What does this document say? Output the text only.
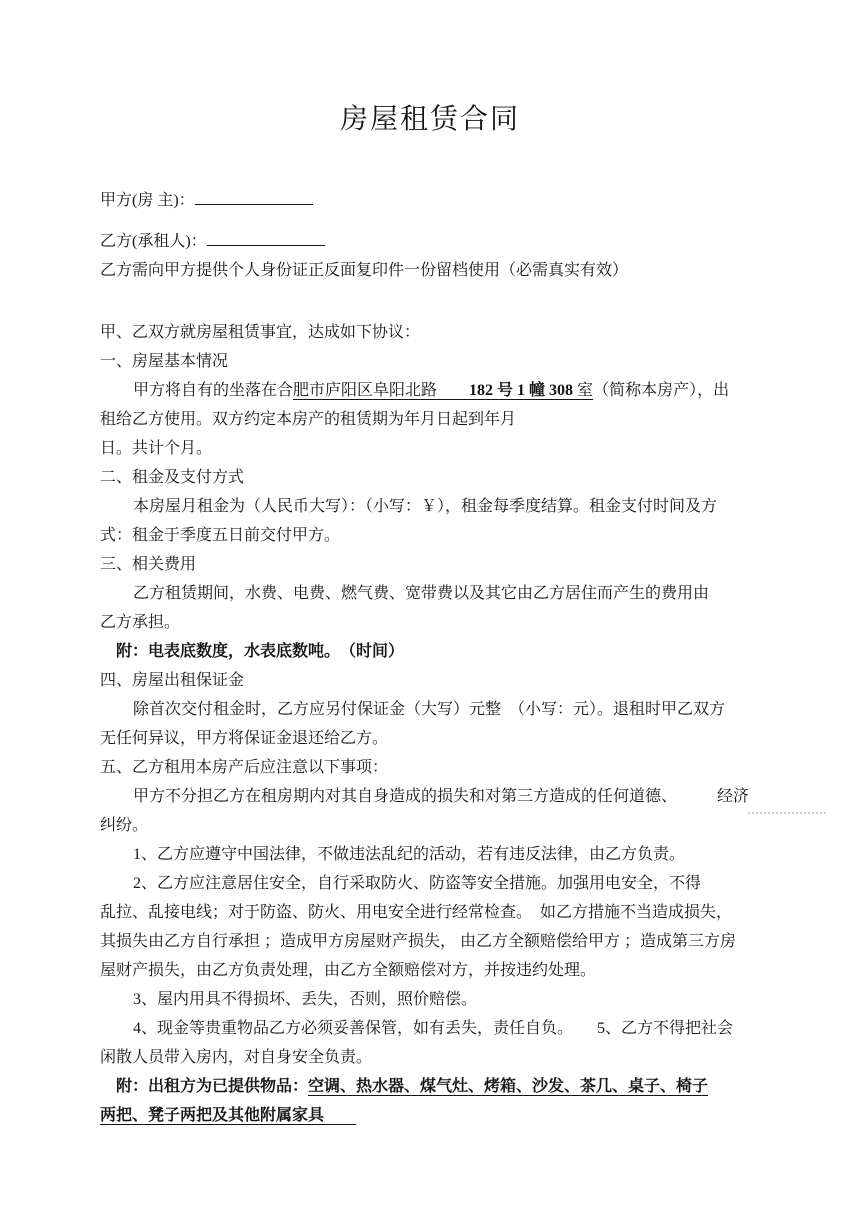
房屋租赁合同
甲方(房 主)：
乙方(承租人)：
乙方需向甲方提供个人身份证正反面复印件一份留档使用（必需真实有效）
甲、乙双方就房屋租赁事宜，达成如下协议：
一、房屋基本情况
甲方将自有的坐落在合肥市庐阳区阜阳北路　　182 号 1 幢 308 室（简称本房产），出
租给乙方使用。双方约定本房产的租赁期为年月日起到年月
日。共计个月。
二、租金及支付方式
本房屋月租金为（人民币大写）：（小写：￥），租金每季度结算。租金支付时间及方
式：租金于季度五日前交付甲方。
三、相关费用
乙方租赁期间，水费、电费、燃气费、宽带费以及其它由乙方居住而产生的费用由
乙方承担。
附：电表底数度，水表底数吨。　（时间）
四、房屋出租保证金
除首次交付租金时，乙方应另付保证金（大写）元整　（小写：元）。退租时甲乙双方
无任何异议，甲方将保证金退还给乙方。
五、乙方租用本房产后应注意以下事项：
甲方不分担乙方在租房期内对其自身造成的损失和对第三方造成的任何道德、　　　经济
纠纷。
1、乙方应遵守中国法律，不做违法乱纪的活动，若有违反法律，由乙方负责。
2、乙方应注意居住安全，自行采取防火、防盗等安全措施。加强用电安全，不得
乱拉、乱接电线；对于防盗、防火、用电安全进行经常检查。　如乙方措施不当造成损失，
其损失由乙方自行承担 ；造成甲方房屋财产损失， 由乙方全额赔偿给甲方 ；造成第三方房
屋财产损失，由乙方负责处理，由乙方全额赔偿对方，并按违约处理。
3、屋内用具不得损坏、丢失，否则，照价赔偿。
4、现金等贵重物品乙方必须妥善保管，如有丢失，责任自负。　　5、乙方不得把社会
闲散人员带入房内，对自身安全负责。
附：出租方为已提供物品：空调、热水器、煤气灶、烤箱、沙发、茶几、桌子、椅子
两把、凳子两把及其他附属家具　　
